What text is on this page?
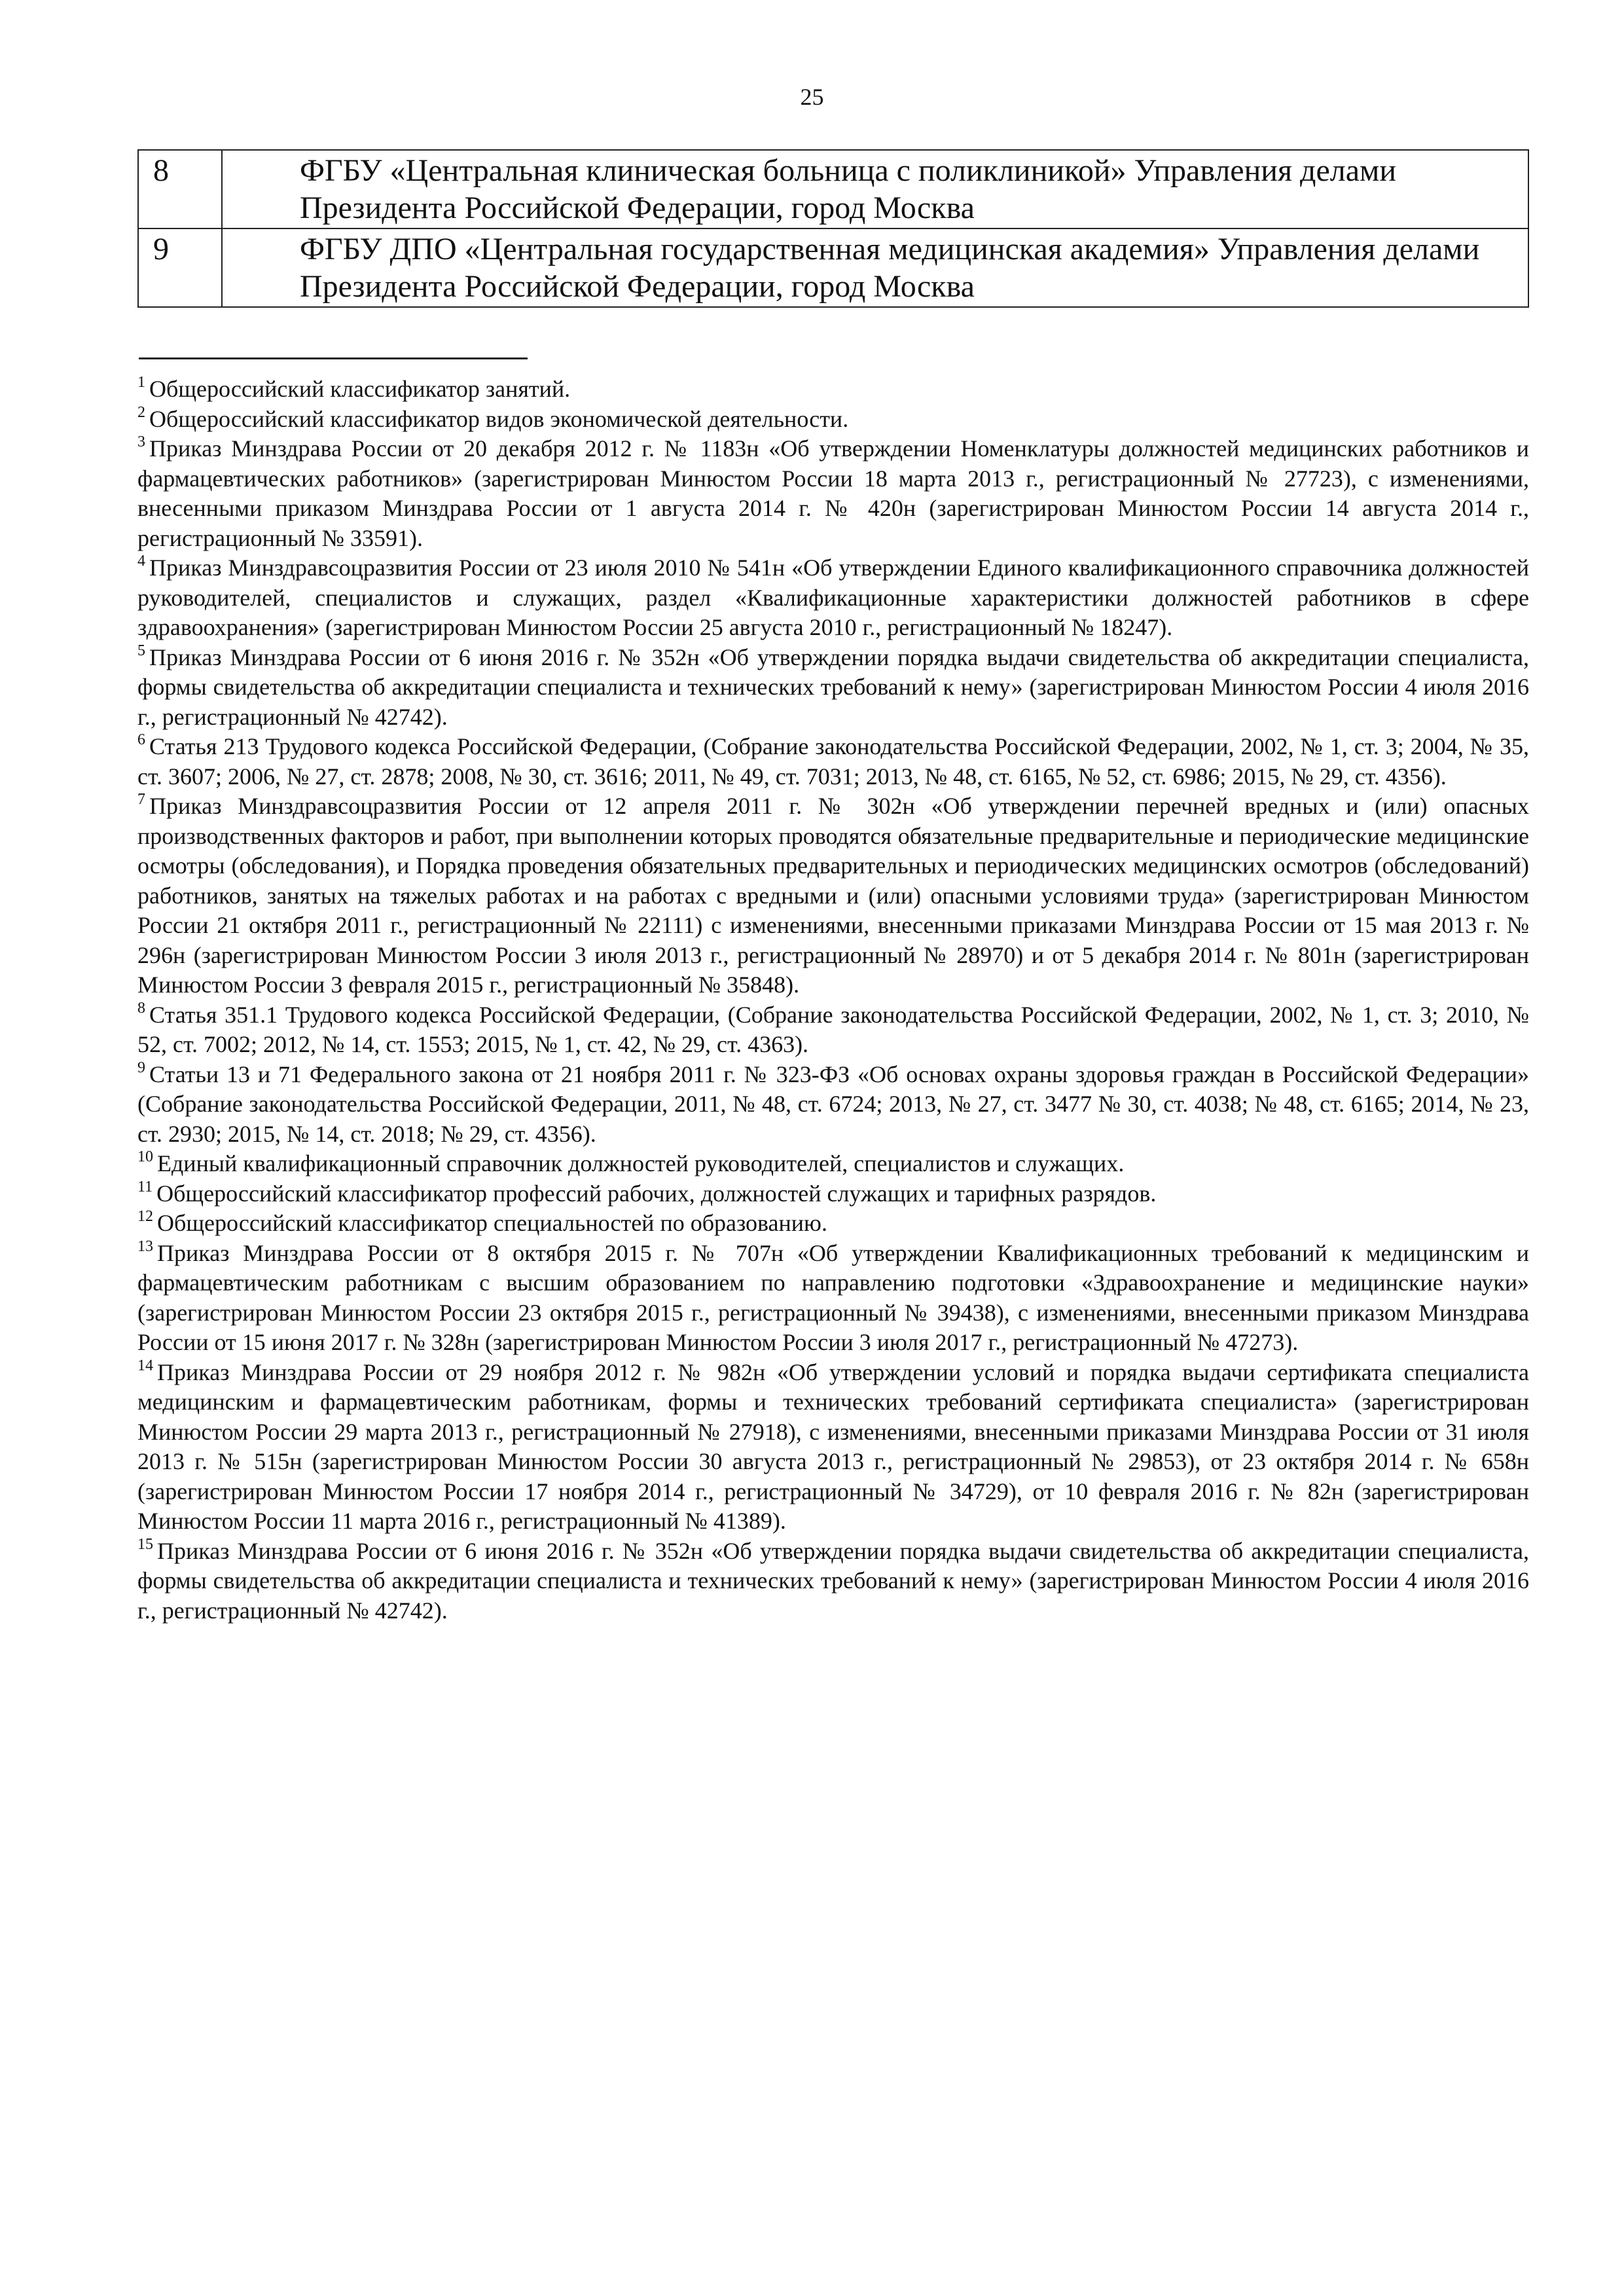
25
8	ФГБУ «Центральная клиническая больница с поликлиникой» Управления делами Президента Российской Федерации, город Москва
9	ФГБУ ДПО «Центральная государственная медицинская академия» Управления делами Президента Российской Федерации, город Москва

$^1$ Общероссийский классификатор занятий.

$^2$ Общероссийский классификатор видов экономической деятельности.

$^3$ Приказ Минздрава России от 20 декабря 2012 г. № 1183н «Об утверждении Номенклатуры должностей медицинских работников и фармацевтических работников» (зарегистрирован Минюстом России 18 марта 2013 г., регистрационный № 27723), с изменениями, внесенными приказом Минздрава России от 1 августа 2014 г. № 420н (зарегистрирован Минюстом России 14 августа 2014 г., регистрационный № 33591).

$^4$ Приказ Минздравсоцразвития России от 23 июля 2010 № 541н «Об утверждении Единого квалификационного справочника должностей руководителей, специалистов и служащих, раздел «Квалификационные характеристики должностей работников в сфере здравоохранения» (зарегистрирован Минюстом России 25 августа 2010 г., регистрационный № 18247).

$^5$ Приказ Минздрава России от 6 июня 2016 г. № 352н «Об утверждении порядка выдачи свидетельства об аккредитации специалиста, формы свидетельства об аккредитации специалиста и технических требований к нему» (зарегистрирован Минюстом России 4 июля 2016 г., регистрационный № 42742).

$^6$ Статья 213 Трудового кодекса Российской Федерации, (Собрание законодательства Российской Федерации, 2002, № 1, ст. 3; 2004, № 35, ст. 3607; 2006, № 27, ст. 2878; 2008, № 30, ст. 3616; 2011, № 49, ст. 7031; 2013, № 48, ст. 6165, № 52, ст. 6986; 2015, № 29, ст. 4356).

$^7$ Приказ Минздравсоцразвития России от 12 апреля 2011 г. № 302н «Об утверждении перечней вредных и (или) опасных производственных факторов и работ, при выполнении которых проводятся обязательные предварительные и периодические медицинские осмотры (обследования), и Порядка проведения обязательных предварительных и периодических медицинских осмотров (обследований) работников, занятых на тяжелых работах и на работах с вредными и (или) опасными условиями труда» (зарегистрирован Минюстом России 21 октября 2011 г., регистрационный № 22111) с изменениями, внесенными приказами Минздрава России от 15 мая 2013 г. № 296н (зарегистрирован Минюстом России 3 июля 2013 г., регистрационный № 28970) и от 5 декабря 2014 г. № 801н (зарегистрирован Минюстом России 3 февраля 2015 г., регистрационный № 35848).

$^8$ Статья 351.1 Трудового кодекса Российской Федерации, (Собрание законодательства Российской Федерации, 2002, № 1, ст. 3; 2010, № 52, ст. 7002; 2012, № 14, ст. 1553; 2015, № 1, ст. 42, № 29, ст. 4363).

$^9$ Статьи 13 и 71 Федерального закона от 21 ноября 2011 г. № 323-ФЗ «Об основах охраны здоровья граждан в Российской Федерации» (Собрание законодательства Российской Федерации, 2011, № 48, ст. 6724; 2013, № 27, ст. 3477 № 30, ст. 4038; № 48, ст. 6165; 2014, № 23, ст. 2930; 2015, № 14, ст. 2018; № 29, ст. 4356).

$^{10}$ Единый квалификационный справочник должностей руководителей, специалистов и служащих.

$^{11}$ Общероссийский классификатор профессий рабочих, должностей служащих и тарифных разрядов.

$^{12}$ Общероссийский классификатор специальностей по образованию.

$^{13}$ Приказ Минздрава России от 8 октября 2015 г. № 707н «Об утверждении Квалификационных требований к медицинским и фармацевтическим работникам с высшим образованием по направлению подготовки «Здравоохранение и медицинские науки» (зарегистрирован Минюстом России 23 октября 2015 г., регистрационный № 39438), с изменениями, внесенными приказом Минздрава России от 15 июня 2017 г. № 328н (зарегистрирован Минюстом России 3 июля 2017 г., регистрационный № 47273).

$^{14}$ Приказ Минздрава России от 29 ноября 2012 г. № 982н «Об утверждении условий и порядка выдачи сертификата специалиста медицинским и фармацевтическим работникам, формы и технических требований сертификата специалиста» (зарегистрирован Минюстом России 29 марта 2013 г., регистрационный № 27918), с изменениями, внесенными приказами Минздрава России от 31 июля 2013 г. № 515н (зарегистрирован Минюстом России 30 августа 2013 г., регистрационный № 29853), от 23 октября 2014 г. № 658н (зарегистрирован Минюстом России 17 ноября 2014 г., регистрационный № 34729), от 10 февраля 2016 г. № 82н (зарегистрирован Минюстом России 11 марта 2016 г., регистрационный № 41389).

$^{15}$ Приказ Минздрава России от 6 июня 2016 г. № 352н «Об утверждении порядка выдачи свидетельства об аккредитации специалиста, формы свидетельства об аккредитации специалиста и технических требований к нему» (зарегистрирован Минюстом России 4 июля 2016 г., регистрационный № 42742).
